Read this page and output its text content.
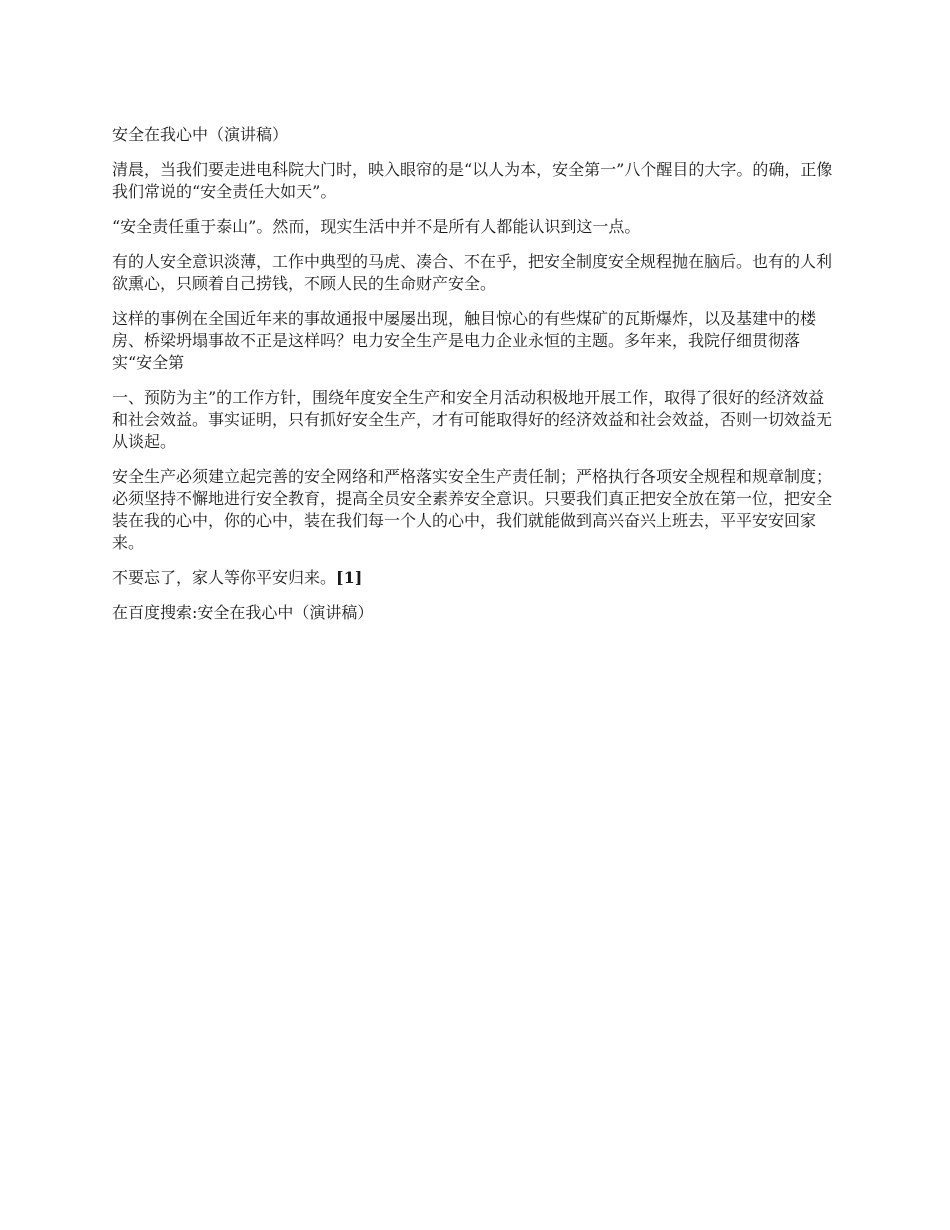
安全在我心中（演讲稿）

清晨，当我们要走进电科院大门时，映入眼帘的是“以人为本，安全第一”八个醒目的大字。的确，正像我们常说的“安全责任大如天”。

“安全责任重于泰山”。然而，现实生活中并不是所有人都能认识到这一点。

有的人安全意识淡薄，工作中典型的马虎、凑合、不在乎，把安全制度安全规程抛在脑后。也有的人利欲熏心，只顾着自己捞钱，不顾人民的生命财产安全。

这样的事例在全国近年来的事故通报中屡屡出现，触目惊心的有些煤矿的瓦斯爆炸，以及基建中的楼房、桥梁坍塌事故不正是这样吗？电力安全生产是电力企业永恒的主题。多年来，我院仔细贯彻落实“安全第

一、预防为主”的工作方针，围绕年度安全生产和安全月活动积极地开展工作，取得了很好的经济效益和社会效益。事实证明，只有抓好安全生产，才有可能取得好的经济效益和社会效益，否则一切效益无从谈起。

安全生产必须建立起完善的安全网络和严格落实安全生产责任制；严格执行各项安全规程和规章制度；必须坚持不懈地进行安全教育，提高全员安全素养安全意识。只要我们真正把安全放在第一位，把安全装在我的心中，你的心中，装在我们每一个人的心中，我们就能做到高兴奋兴上班去，平平安安回家来。

不要忘了，家人等你平安归来。[1]

在百度搜索:安全在我心中（演讲稿）
